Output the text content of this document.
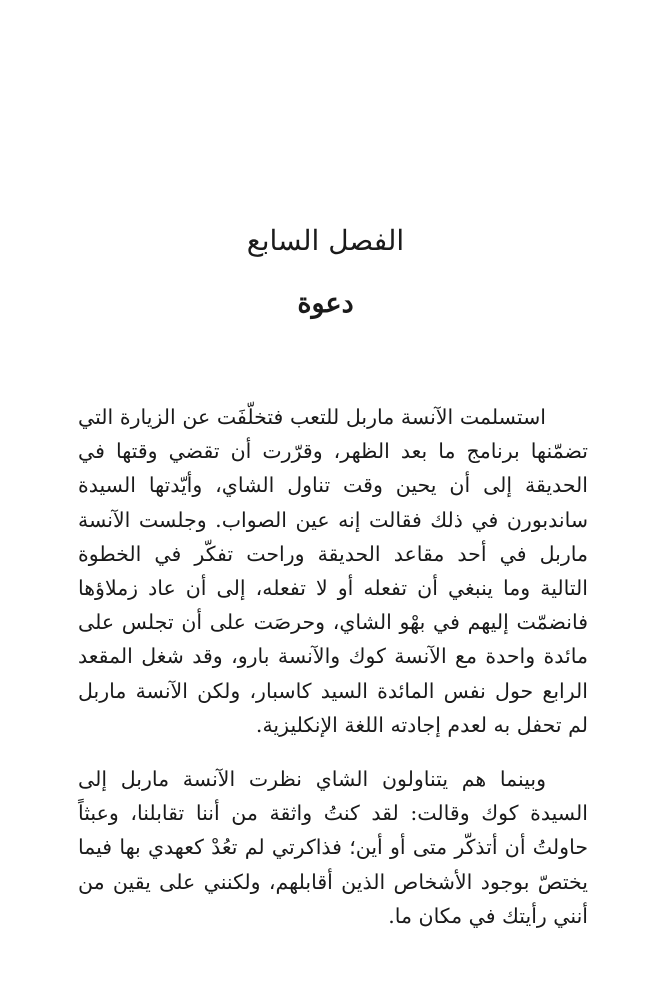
الفصل السابع
دعوة

استسلمت الآنسة ماربل للتعب فتخلّفَت عن الزيارة التي تضمّنها برنامج ما بعد الظهر، وقرّرت أن تقضي وقتها في الحديقة إلى أن يحين وقت تناول الشاي، وأيّدتها السيدة ساندبورن في ذلك فقالت إنه عين الصواب. وجلست الآنسة ماربل في أحد مقاعد الحديقة وراحت تفكّر في الخطوة التالية وما ينبغي أن تفعله أو لا تفعله، إلى أن عاد زملاؤها فانضمّت إليهم في بهْو الشاي، وحرصَت على أن تجلس على مائدة واحدة مع الآنسة كوك والآنسة بارو، وقد شغل المقعد الرابع حول نفس المائدة السيد كاسبار، ولكن الآنسة ماربل لم تحفل به لعدم إجادته اللغة الإنكليزية.

وبينما هم يتناولون الشاي نظرت الآنسة ماربل إلى السيدة كوك وقالت: لقد كنتُ واثقة من أننا تقابلنا، وعبثاً حاولتُ أن أتذكّر متى أو أين؛ فذاكرتي لم تعُدْ كعهدي بها فيما يختصّ بوجود الأشخاص الذين أقابلهم، ولكنني على يقين من أنني رأيتك في مكان ما.
